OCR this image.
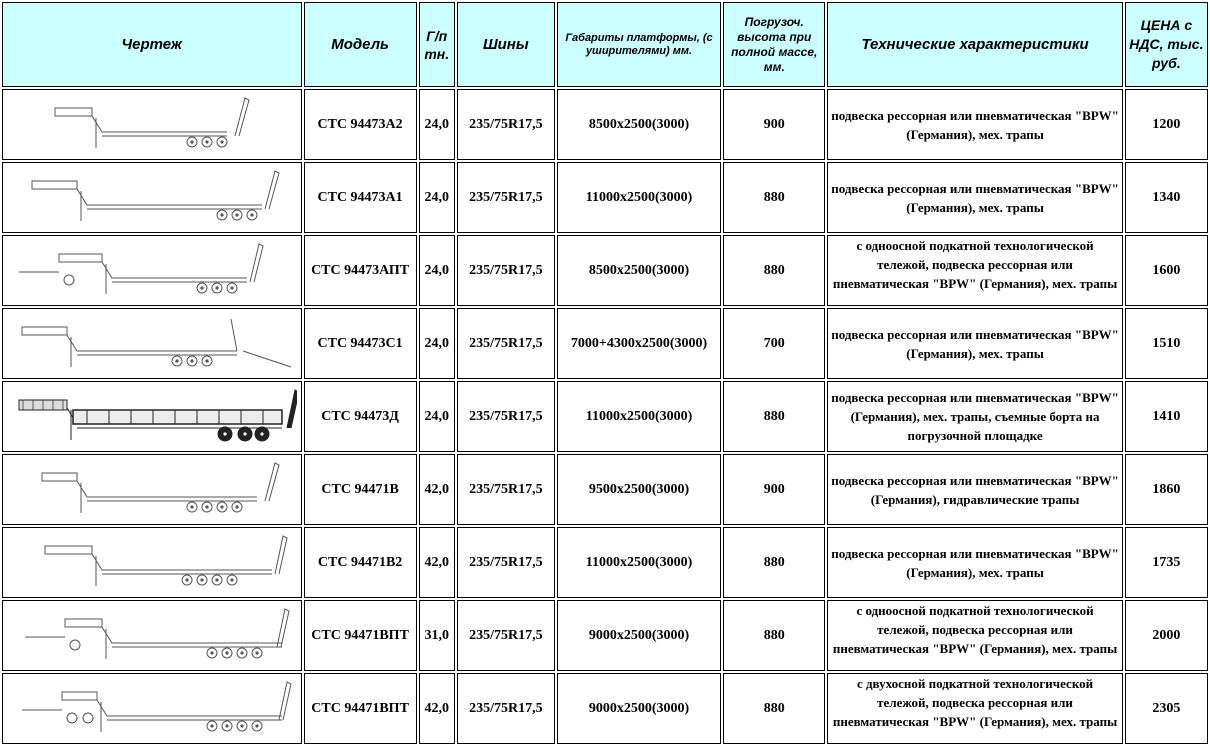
Чертеж	Модель	Г/п тн.	Шины	Габариты платформы, (с уширителями) мм.	Погрузоч. высота при полной массе, мм.	Технические характеристики	ЦЕНА с НДС, тыс. руб.

	СТС 94473А2	24,0	235/75R17,5	8500х2500(3000)	900	подвеска рессорная или пневматическая "BPW" (Германия), мех. трапы	1200

	СТС 94473А1	24,0	235/75R17,5	11000х2500(3000)	880	подвеска рессорная или пневматическая "BPW" (Германия), мех. трапы	1340

	СТС 94473АПТ	24,0	235/75R17,5	8500х2500(3000)	880	с одноосной подкатной технологической тележой, подвеска рессорная или пневматическая "BPW" (Германия), мех. трапы	1600

	СТС 94473С1	24,0	235/75R17,5	7000+4300х2500(3000)	700	подвеска рессорная или пневматическая "BPW" (Германия), мех. трапы	1510

	СТС 94473Д	24,0	235/75R17,5	11000х2500(3000)	880	подвеска рессорная или пневматическая "BPW" (Германия), мех. трапы, съемные борта на погрузочной площадке	1410

	СТС 94471В	42,0	235/75R17,5	9500х2500(3000)	900	подвеска рессорная или пневматическая "BPW" (Германия), гидравлические трапы	1860

	СТС 94471В2	42,0	235/75R17,5	11000х2500(3000)	880	подвеска рессорная или пневматическая "BPW" (Германия), мех. трапы	1735

	СТС 94471ВПТ	31,0	235/75R17,5	9000х2500(3000)	880	с одноосной подкатной технологической тележой, подвеска рессорная или пневматическая "BPW" (Германия), мех. трапы	2000

	СТС 94471ВПТ	42,0	235/75R17,5	9000х2500(3000)	880	с двухосной подкатной технологической тележой, подвеска рессорная или пневматическая "BPW" (Германия), мех. трапы	2305
